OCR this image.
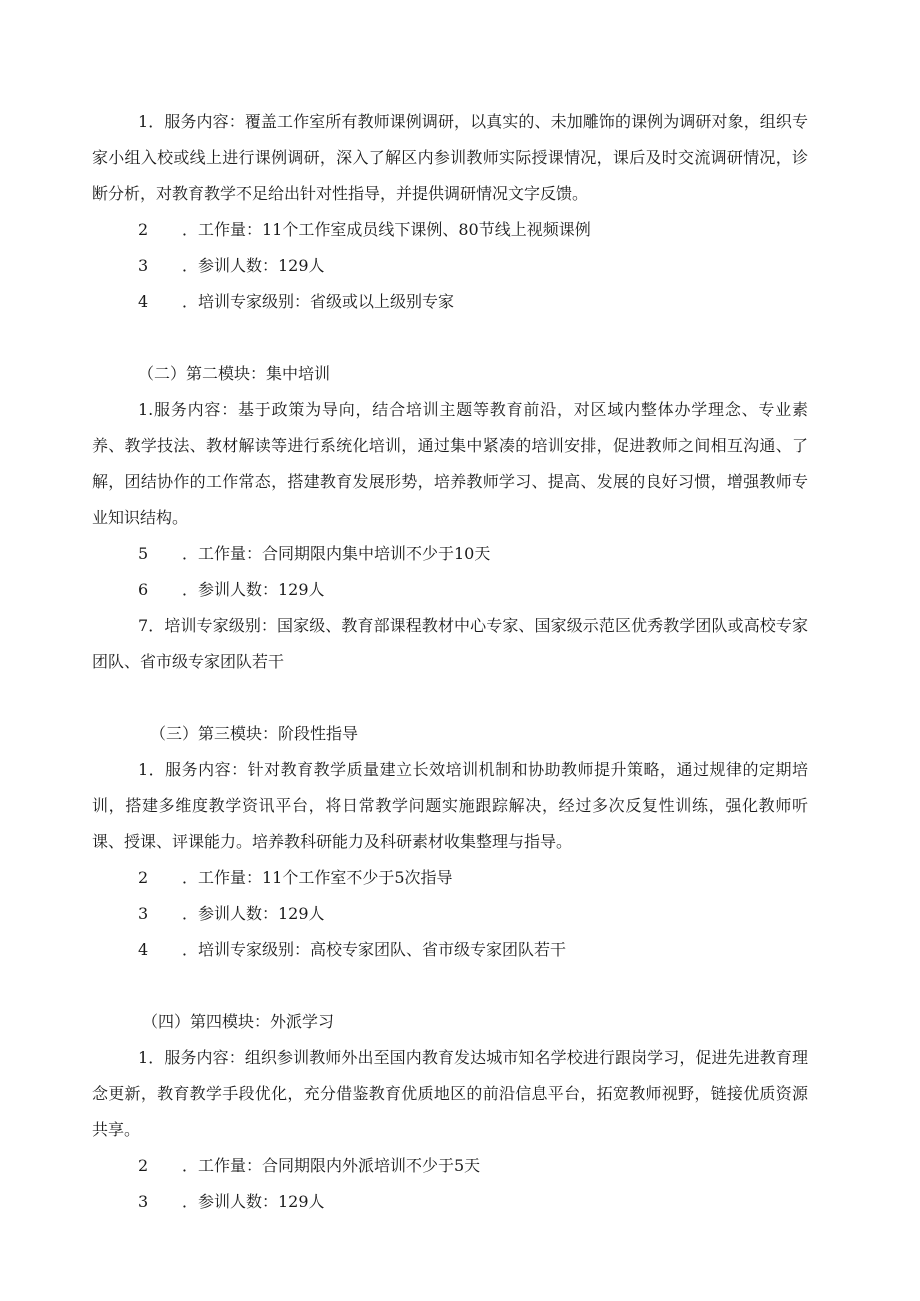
1．服务内容：覆盖工作室所有教师课例调研，以真实的、未加雕饰的课例为调研对象，组织专家小组入校或线上进行课例调研，深入了解区内参训教师实际授课情况，课后及时交流调研情况，诊断分析，对教育教学不足给出针对性指导，并提供调研情况文字反馈。

2 ．工作量：11个工作室成员线下课例、80节线上视频课例
3 ．参训人数：129人
4 ．培训专家级别：省级或以上级别专家
（二）第二模块：集中培训

1.服务内容：基于政策为导向，结合培训主题等教育前沿，对区域内整体办学理念、专业素养、教学技法、教材解读等进行系统化培训，通过集中紧凑的培训安排，促进教师之间相互沟通、了解，团结协作的工作常态，搭建教育发展形势，培养教师学习、提高、发展的良好习惯，增强教师专业知识结构。

5 ．工作量：合同期限内集中培训不少于10天
6 ．参训人数：129人

7．培训专家级别：国家级、教育部课程教材中心专家、国家级示范区优秀教学团队或高校专家团队、省市级专家团队若干

（三）第三模块：阶段性指导

1．服务内容：针对教育教学质量建立长效培训机制和协助教师提升策略，通过规律的定期培训，搭建多维度教学资讯平台，将日常教学问题实施跟踪解决，经过多次反复性训练，强化教师听课、授课、评课能力。培养教科研能力及科研素材收集整理与指导。

2 ．工作量：11个工作室不少于5次指导
3 ．参训人数：129人
4 ．培训专家级别：高校专家团队、省市级专家团队若干
（四）第四模块：外派学习

1．服务内容：组织参训教师外出至国内教育发达城市知名学校进行跟岗学习，促进先进教育理念更新，教育教学手段优化，充分借鉴教育优质地区的前沿信息平台，拓宽教师视野，链接优质资源共享。

2 ．工作量：合同期限内外派培训不少于5天
3 ．参训人数：129人
